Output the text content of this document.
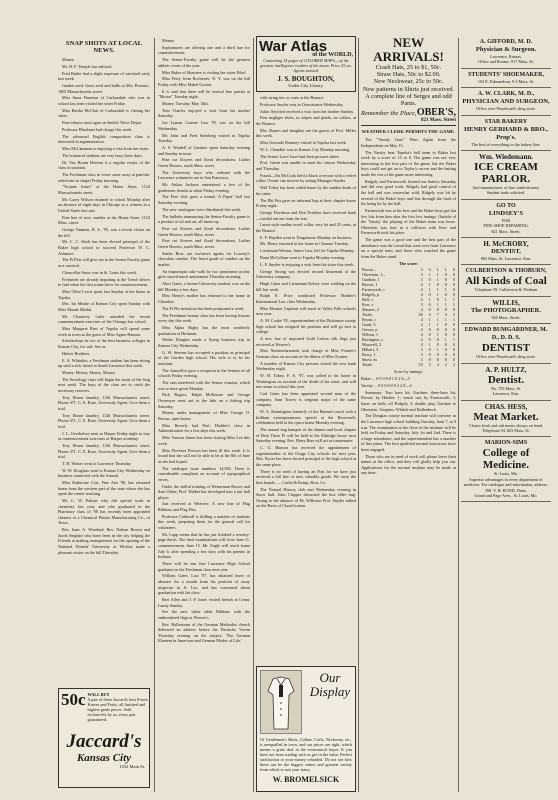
SNAP SHOTS AT LOCAL NEWS.

Money.

Mr. H. F. Temple has enlisted.

Fred Butler had a slight exposure of varioloid early last week.

Garden seed. Grass seed and bulbs at Mrs. Prentiss', 1005 Massachusetts street.

Miss Anna Harrison of Carbondale who was in school last term visited her sister Friday.

Miss Bertha McClair of Carbondale is visiting her sister.

Fine tobacco and cigars at Smith's News Depot.

Professor Blackmer had charge this week.

The advanced English composition class is interested in argumentation.

Miss McCammon is enjoying a visit from her sister.

The botanical students are very busy these days.

Dr. Van Hoorn Herrera is a regular visitor of the class in taxation.

The Freshman class in voice came away at patriotic selections in chapel Friday morning.

"Trojane Jones" at the Home Store, 1124 Massachusetts street.

Mr. Carey Wilson returned to school Monday after an absence of eight days in Chicago as a witness in a United States law suit.

Fine line of new candies at the Home Store, 1124 Mass. street.

George Vanmen, B. S., '95, was a recent visitor on the hill.

Mr. C. C. Sholt has been elected principal of the Baker high school to succeed Professor W. C. Ashmore.

The Pi Phis will give out in the Senior Faculty game as a carnival.

Chancellor Snow was in St. Louis this week.

Freshmen are already inquiring at the Trend offices to find when the first trains leave for commencement.

Miss Olive Lewis spent last Sunday at her home in Topeka.

Mrs. Ira Meade of Kansas City spent Sunday with Miss Maude Markh.

Mr. Chauncey Little attended the recent commencement exercises of the Chicago law school.

Miss Margaret Rust of Topeka will spend some week in town as the guest of Miss Agnes Hanson.

Scholarships in two of the best business colleges in Kansas City, for sale. See us.

Hulver Brothers.

E. A. Whitaker, a Freshman student has been sitting up with a sick friend in South Lawrence this week.

Money. Money. Money. Money.

The Sociology class will begin the study of the Seig next week. The boys of the class are to catch the necessary reserves.

Troy House laundry, 1126 Massachusetts street. Phone 471. C. E. Rose, University Agent. Give them a trial.

Troy House laundry, 1126 Massachusetts street. Phone 471. C. E. Rose, University Agent. Give them a trial.

J. L. Overholser went to Harper Friday night to stay at commencement exercises of Harper academy.

Troy House laundry, 1126 Massachusetts street. Phone 471. C. E. Rose, University Agent. Give them a trial.

T. H. Winter went to Lawrence Thursday.

W. W. Douglass went to Kansas City Wednesday on business connected with the Annual.

Miss Katherine Corr, Fine Arts '98, has returned home from the western part of the state where she has spent the winter teaching.

Mr. C. W. Palmer who did special work in chemistry last year, and who graduated in the Pharmacy class of '98 has recently been appointed chemist of a Chemical Plaster Manufacturing Co., of Texas.

Rev. Isaac A. Woodard, Rev. Nathan Brown and Jacob Sieghart who have been in the city helping the Friends in making arrangements for the opening of the National Friends' University at Wichita made a pleasant visitor on the hill Thursday.

50c WALL BUY
A pair of these Jaccard's best 8-inch Knives and Forks, all finished and highest grade pieces. Sold exclusively by us, every pair guaranteed.
Jaccard's
Kansas City
1032 Main St.

Money.

Sophomores are offering one and a third fare for commencement.

The Senior-Faculty game will be the greatest athletic event of the year.

Miss Baker of Shawnee is visiting her sister Ethel.

Miss Perry from Rochester, N. Y. was on the hill Friday with Miss Mabel Gorton.

It is said that there will be several fine parties at "Mortar" Tuesday night.

Money. Tuesday. May 14th.

Tom Charles enjoyed a visit from his mother Saturday.

Joe Lyman Cramer Law '95 was on the hill Wednesday.

Mr. John and Fred Steinberg visited in Topeka Tuesday.

A. S. Wardell of Gardner spent Saturday evening and Sunday in town.

Fine cut flowers and floral decorations. Luther Green Houses, south Mass. street.

The University boys who enlisted with the Lawrence volunteers are in San Francisco.

Mr. Arthur Jackson entertained a few of his gentlemen friends at whist Friday evening.

The Free club gave a formal 'A Paper' ball last Saturday evening.

The new catalogues were distributed this week.

The bulletin announcing the Senior-Faculty game is a product of oil and art, all barter up.

Fine cut flowers and floral decorations. Luther Green Houses, south Mass. street.

Fine cut flowers and floral decorations. Luther Green Houses, south Mass. street.

Sattler Bros. are exclusive agents for Lowney's chocolate candies. The finest grade of candies on the market.

An impromptu cake walk by two prominent society girls caused much amusement Thursday morning.

Alice Gates, a former University student, was on the hill Monday a few days.

Miss Henry's mother has returned to her home in Cherokee.

The Pi Phi invitation has been postponed a week.

The Freshman botany class has been having lessons every day this week.

Miss Alpha Bigby has the most weatherly graduation at Hickman.

Walter Douglas made a flying business trip to Kansas City Wednesday.

G. W. Stevens has accepted a position as principal of the Garden high school. His wife is to be his assistant.

The chancellor gave a reception to the Seniors of all schools Friday evening.

The rain interfered with the Senior reunion, which was to have given Monday.

Dick Rogers, Ralph McKenzie and George Overmyer went out to the lake on a fishing trip Saturday.

Money under management of Miss George O. Brown, open house.

Miss Beverly had Prof. Hodder's class in Administration for a few days this week.

Miss Vasseur James has been visiting Miss Lee this week.

Miss Florence Pierson has been ill this week. It is found that she will not be able to be at the 8th of June as she had hoped.

The catalogue issue numbers 14,500. There is considerable complaint on account of typographical errors.

Under the skilful training of Westerman Bowes and Sam Ozker, Prof. Walker has developed into a fair ball player.

Just received at Weavers: A new line of Flag Ribbons and Flag Pins.

Professor Caldwell is drilling a number of students this week, preparing them for the general call for volunteers.

Mr. Lupp seems that he has just finished a seventy-page thesis. The final examinations will close June 11, commencement June 15. Mr. Engle will reach home July 6, after spending a few days with his parents in Indiana.

There will be one fine Lawrence High School graduates in the Freshman class next year.

William Gates, Law '97, has obtained leave of absence for a month from his position of essay inspector in Jr. Lee, and has consented about graduation with his class.

Bert Allen and J. P. Jones visited friends at Lenny Landy Sunday.

See the new white table Ribbons with the embroidered flags at Weaver's.

Rev. Hallentrain of the German Methodist church delivered an address before the Deutsche Verein Thursday evening on the subject, 'The German Element in American and German Modes of Life.'

War Atlas
of the WORLD,
Containing 14 pages of COLORED MAPS,—of the greatest intelligence readers of the moon. Price 25 cts. Agents wanted.
J. S. BOUGHTON,
Under City Library.

with string ties or coats at the Bounce.

Professor Snyder was in Osawatomie Wednesday.

Julius Seyfried received a visit from his brother Sunday.

Fine negligee shirts, in stripes and plaids, no collars, at the Bounce.

Mrs. Barnes and daughter are the guests of Prof. Miller this week.

Miss Gertrude Romney visited in Topeka last week.

W. L. Chandler was in Kansas City Monday morning.

The Senior Laws' have had their pictures taken.

Prof. Green was unable to meet his classes Wednesday and Thursday.

Found—On McCook field a black overcoat with a velvet collar. Owner can recover by seeing Manager Snyder.

Will Tobey has been called home by the sudden death of his sister.

The Phi Psis gave an informal hop at their chapter house Friday night.

George Davidson and Don Norfleet have received bank—cordial rations from the war.

Latest style mathie towel collar, very fat and 25 cents, at the Bounce.

E. F. Hayden went to Tonganoxie Monday on business.

Ms. Henry returned to her home in Chanute Tuesday.

Lieutenant Weston, Junior Law, left for Topeka Monday.

Dana McCollum went to Topeka Monday evening.

L. F. Snyder is enjoying a visit from his sister this week.

George Strong was elected second lieutenant of the University company.

Hugh Caine and Lieutenant Kelsey were walking on the hill last week.

Ralph E. Price conducted Professor Hodder's International Law class Wednesday.

Miss Eleanor Capteurt will teach at Valley Falls schools next year.

A. M. Cooke '95, superintendent of the Dickinson county high school has resigned his position and will go east to college.

A new line of imported Gold Cotton silk flags just received at Weaver's.

Miss Neutenchawanda took charge of Miss Fornier's German class on account of the illness of Miss Fornier.

A number of Kansas City persons visited the new bank Wednesday night.

W. H. Tobey, F. A. '97, was called to his home in Washington on account of the death of his sister, and will not return to school this year.

Carl Gates has been appointed second man of the company. Sam Tracey is sergeant major of the same company.

W. A. Kennington formerly of the Bennett coach with a brilliant extemporaneous speech at the Reverend's celebration held in the opera house Monday evening.

The annual stag banquet of the alumni and local chapter of Beta Theta Pi will be held at the Eldridge house next Saturday evening. Rev. Harry Burr will act as toastmaster.

C. G. Hanson has received the appointment of superintendent of the Osage City schools for next year. Mrs. Kyser has been elected principal of the high school at the same place.

There is no need of having an Post for we have just received a full line of new, valuable goods. We carry the best brands. — Carlin & Kemp, Bros. Co.

The Natural History club met Wednesday evening in Snow hall. John Clapper discussed the box elder bug. Owing to the absence of Dr. Williston Prof. Snyder talked on the Basis of Classification.

Our Display
Of Gentlemen's Shirts, Collars, Cuffs, Neckwear, etc., is unequalled in town, and our prices are right, which means a great deal in the economical buyer. If you have not been trading with us get in the habit. Perfect satisfaction or your money refunded. Do not see how these can be the biggest values and greatest variety from which to suit your fancy.
W. BROMELSICK
NEW ARRIVALS!
Crash Hats, 25 to $1, 50c.
Straw Hats, 50c to $2.00.
New Neckwear, 25c to 50c.
New patterns in Shirts just received.
A complete line of Serges and odd Pants.
Remember the Place, OBER'S,
821 Mass. Street
WEATHER CLERK PERMITS THE GAME.

The "Varsity Gate" Wins Again from the Independents on May 13.

The Varsity beat Topeka's ball team to Baker last week by a score of 15 to 8. The game was not very interesting in the first part of the game, but the Baker boys could not get on to Taylor's curves and the batting made the rest of the game more interesting.

Ridgely and Farnsworth formed our battery Saturday and did very good work. Ridgely had good control of the ball and was somewhat wild. Ridgely was hit by several of the Baker boys and lost through the fault of his being hit by the ball.

Farnsworth was at his best and the Baker boys got but few hits from him after the first few innings. Outside of the 'Varsity' the playing of the Baker team was loose. Oberstein was hurt in a collision with Kerr and Farnsworth took his place.

The game was a good one and the best part of the attendance was the crowd that went over from Lawrence on a special train, and those who watched the game from the Baker stand.

The score:
Bacon...	3	0	1	1	0
Oberstein, 3...	3	1	1	0	0
Gardner, 1	3	0	1	0	0
Brown, 1	4	1	0	0	0
Farnsworth, c	4	1	1	1	0
Ridgely, p	4	0	1	0	0
Bell, s	4	1	0	1	1
Kerr, s	3	0	1	1	1
Shearer, 2	4	0	0	0	0
Totals	36	4	7	4	2
Bryan, c	4	1	1	1	1
Gautt, 3	4	1	1	0	0
Gower, p	4	0	0	0	0
Wilson, 1	4	0	1	0	0
Bevington, s	4	0	0	1	1
Maxwell, 2	4	1	0	0	0
Hilbert, 3	3	0	1	0	0
Berry, 1	3	0	0	0	0
Snow, m	3	0	0	0	0
Totals	33	3	4	2	2
Score by innings:
Baker ... 0 0 0 0 0 1 0 2 0—3
Varsity ... 0 0 0 0 0 0 2 2 0—4

Summary: Two base hit, Gardner, three-base hit, Brown; by Hardee; 1; struck out, by Farnsworth, 3; bases on balls; off Ridgely 3; double play, Gardner to Oberstein. Umpires: Whittle and Hollenbeck.

The Douglas county normal institute will convene in the Lawrence high school building Tuesday, June 7, at 9 a.m. The examination at the close of the institute will be held on Friday and Saturday, July 1st and 2nd. There is a large attendance, and the superintendent has a number of fine plans. The best qualified normal instructors have been engaged.

Those who are in need of work will please leave their names at the office, and they will gladly help you out. Applications for the normal institute may be made at any time.

A. GIFFORD, M. D.
Physician & Surgeon.
Lawrence, Kansas.
Office and Rooms: 917 Mass. St.
STUDENTS' SHOEMAKER,
103 E. Edmundson, 9-3 Mass. St.
A. W. CLARK, M. D.,
PHYSICIAN AND SURGEON,
Office over Woodward's drug store.
STAR BAKERY
HENRY GERHARD & BRO., Prop's.
The best of everything in the bakery line.
Wm. Wiedemann.
ICE CREAM PARLOR.
And manufacturer of fine confectionery.
Student trade solicited.
GO TO
LINDSEY'S
FOR
FINE SHOE REPAIRING.
821 Mass. Street.
H. McCRORY,
DENTIST,
805 Mass. St. Lawrence, Kan.
CULBERTSON & THOBURN,
All Kinds of Coal
Telephone 59. Culberston & Thoburn
WILLIS,
The PHOTOGRAPHER.
926 Mass. Street.
EDWARD BUMGARDNER, M. D., D. D. S.
DENTIST
Office over Woodward's drug store.
A. P. HULTZ,
Dentist.
No. 735 Mass. St.
Lawrence, Kan.
CHAS. HESS,
Meat Market.
Choice fresh and salt meats always on hand. Telephone 94. 823 Mass. St.
MARION-SIMS
College of Medicine.
St. Louis, Mo.
Superior advantages in every department of medicine. For catalogue and information, address,
DR. Y. H. BOND, Dean.
Grand and Page Aves., St. Louis, Mo.
